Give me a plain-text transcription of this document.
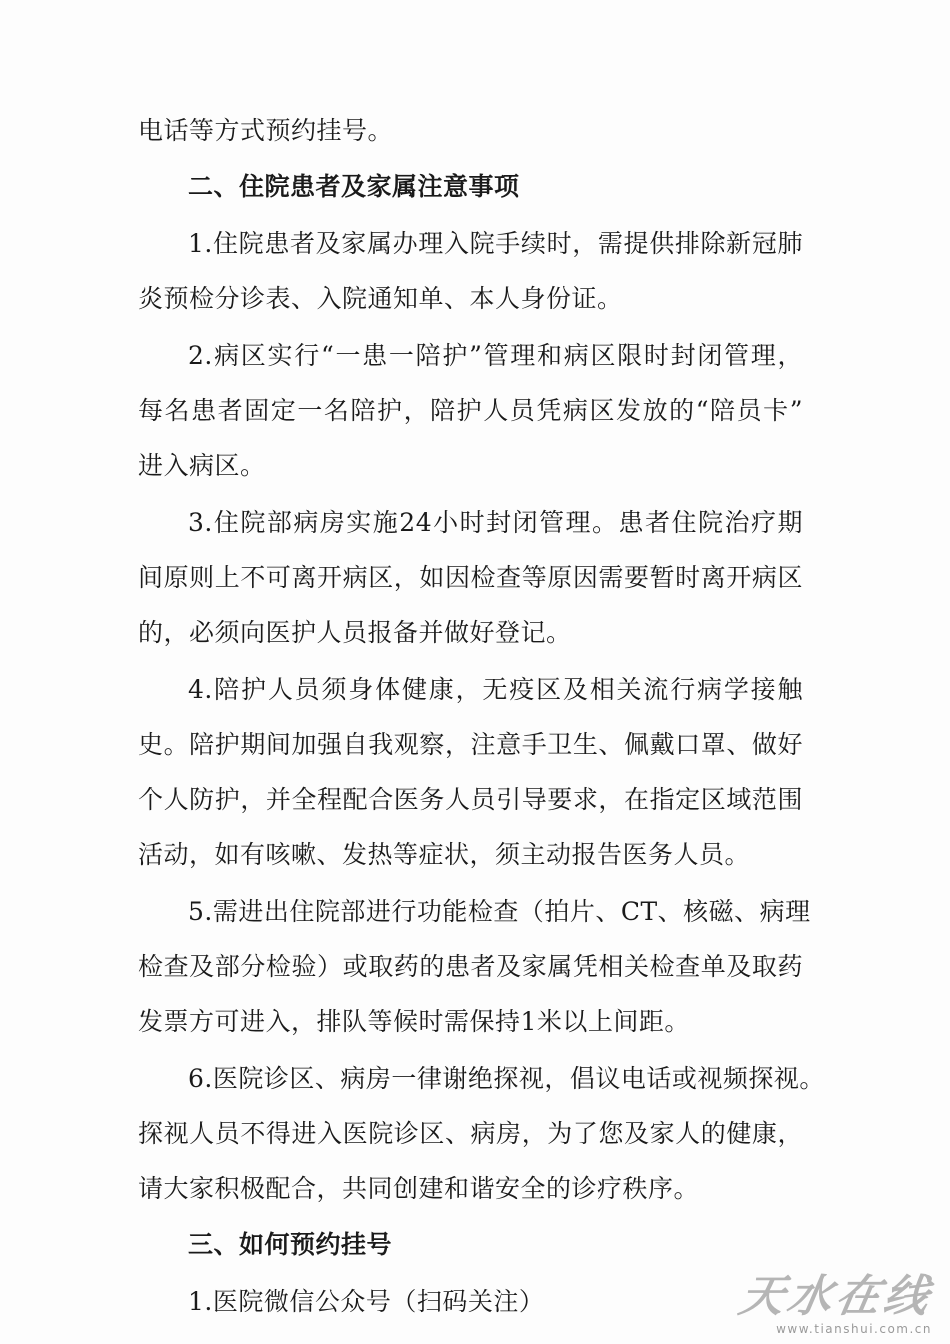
电话等方式预约挂号。
二、住院患者及家属注意事项
1.住院患者及家属办理入院手续时，需提供排除新冠肺
炎预检分诊表、入院通知单、本人身份证。
2.病区实行“一患一陪护”管理和病区限时封闭管理，
每名患者固定一名陪护，陪护人员凭病区发放的“陪员卡”
进入病区。
3.住院部病房实施24小时封闭管理。患者住院治疗期
间原则上不可离开病区，如因检查等原因需要暂时离开病区
的，必须向医护人员报备并做好登记。
4.陪护人员须身体健康，无疫区及相关流行病学接触
史。陪护期间加强自我观察，注意手卫生、佩戴口罩、做好
个人防护，并全程配合医务人员引导要求，在指定区域范围
活动，如有咳嗽、发热等症状，须主动报告医务人员。
5.需进出住院部进行功能检查（拍片、CT、核磁、病理
检查及部分检验）或取药的患者及家属凭相关检查单及取药
发票方可进入，排队等候时需保持1米以上间距。
6.医院诊区、病房一律谢绝探视，倡议电话或视频探视。
探视人员不得进入医院诊区、病房，为了您及家人的健康，
请大家积极配合，共同创建和谐安全的诊疗秩序。
三、如何预约挂号
1.医院微信公众号（扫码关注）	天水在线
www.tianshui.com.cn
